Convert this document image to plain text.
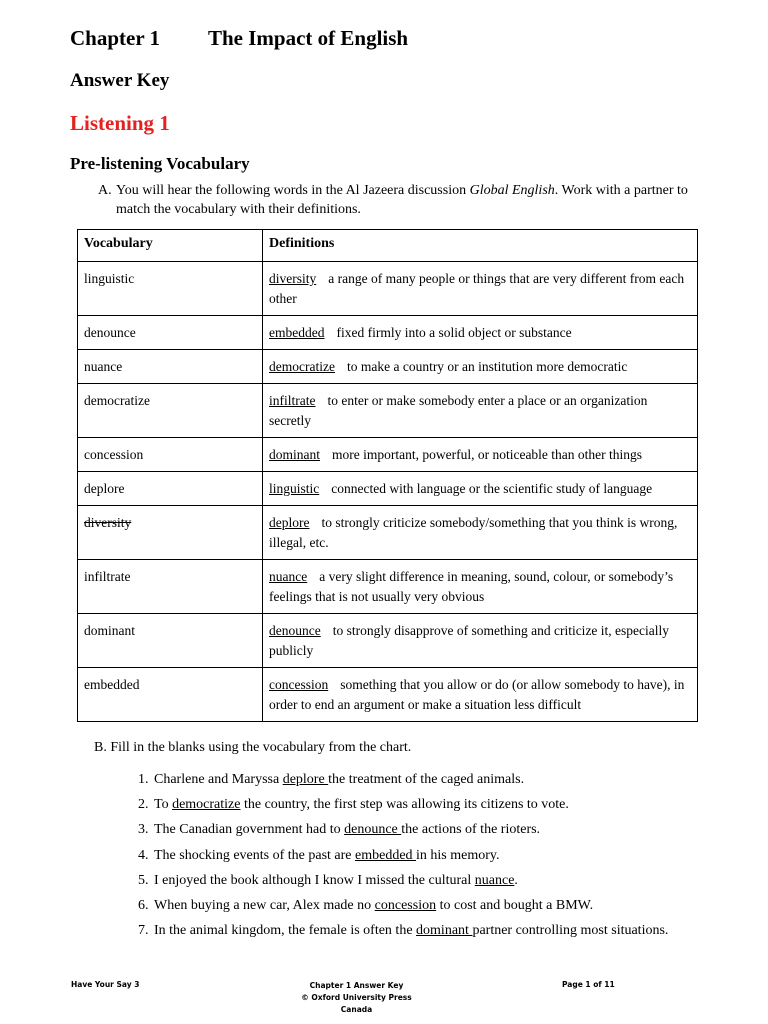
Chapter 1 The Impact of English
Answer Key
Listening 1
Pre-listening Vocabulary
A. You will hear the following words in the Al Jazeera discussion Global English. Work with a partner to match the vocabulary with their definitions.
Vocabulary	Definitions
linguistic	diversity a range of many people or things that are very different from each other
denounce	embedded fixed firmly into a solid object or substance
nuance	democratize to make a country or an institution more democratic
democratize	infiltrate to enter or make somebody enter a place or an organization secretly
concession	dominant more important, powerful, or noticeable than other things
deplore	linguistic connected with language or the scientific study of language
diversity	deplore to strongly criticize somebody/something that you think is wrong, illegal, etc.
infiltrate	nuance a very slight difference in meaning, sound, colour, or somebody’s feelings that is not usually very obvious
dominant	denounce to strongly disapprove of something and criticize it, especially publicly
embedded	concession something that you allow or do (or allow somebody to have), in order to end an argument or make a situation less difficult
B. Fill in the blanks using the vocabulary from the chart.
1. Charlene and Maryssa deplore the treatment of the caged animals.
2. To democratize the country, the first step was allowing its citizens to vote.
3. The Canadian government had to denounce the actions of the rioters.
4. The shocking events of the past are embedded in his memory.
5. I enjoyed the book although I know I missed the cultural nuance.
6. When buying a new car, Alex made no concession to cost and bought a BMW.
7. In the animal kingdom, the female is often the dominant partner controlling most situations.
Have Your Say 3	Chapter 1 Answer Key
© Oxford University Press Canada
Page 1 of 11
